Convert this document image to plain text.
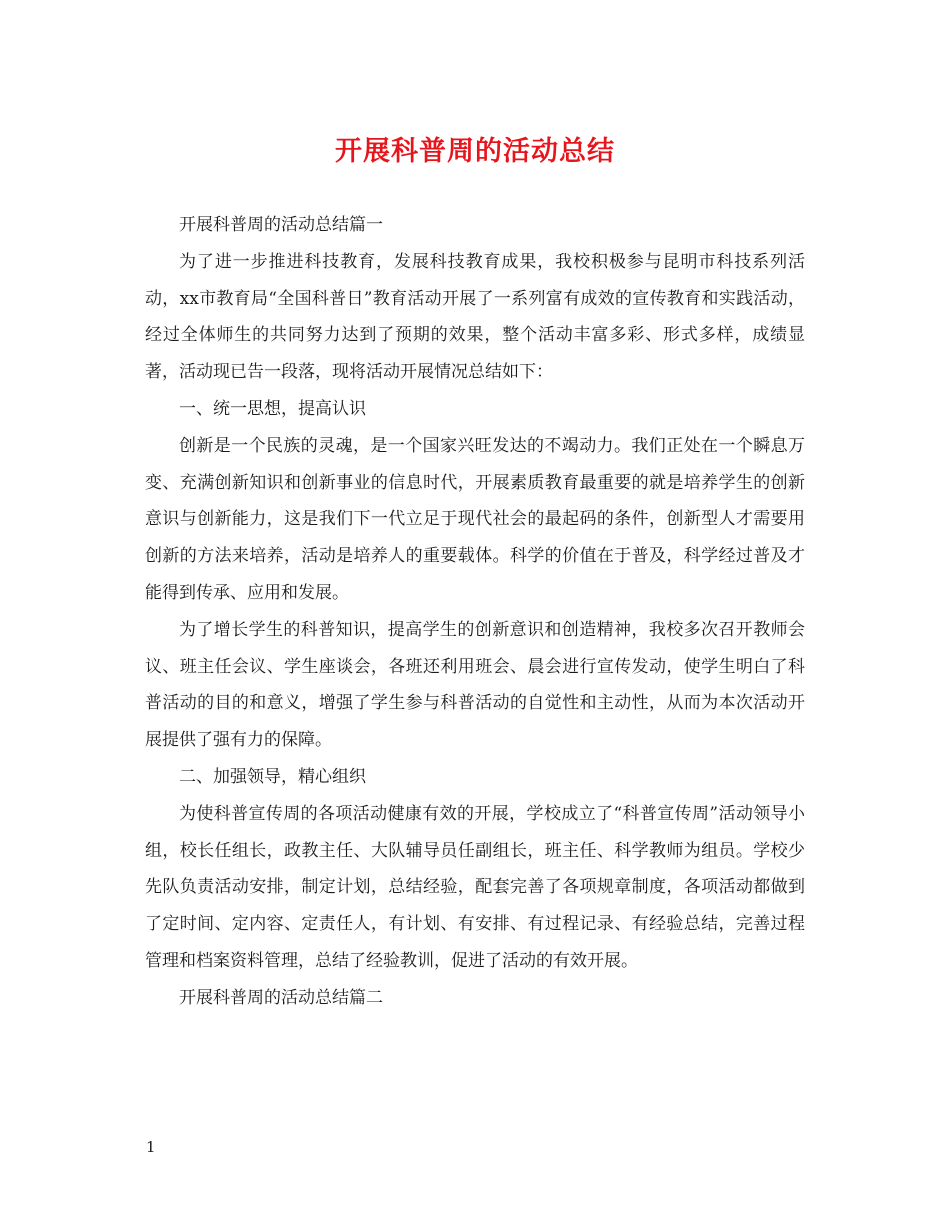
开展科普周的活动总结

开展科普周的活动总结篇一

为了进一步推进科技教育，发展科技教育成果，我校积极参与昆明市科技系列活动，xx市教育局“全国科普日”教育活动开展了一系列富有成效的宣传教育和实践活动，经过全体师生的共同努力达到了预期的效果，整个活动丰富多彩、形式多样，成绩显著，活动现已告一段落，现将活动开展情况总结如下：

一、统一思想，提高认识

创新是一个民族的灵魂，是一个国家兴旺发达的不竭动力。我们正处在一个瞬息万变、充满创新知识和创新事业的信息时代，开展素质教育最重要的就是培养学生的创新意识与创新能力，这是我们下一代立足于现代社会的最起码的条件，创新型人才需要用创新的方法来培养，活动是培养人的重要载体。科学的价值在于普及，科学经过普及才能得到传承、应用和发展。

为了增长学生的科普知识，提高学生的创新意识和创造精神，我校多次召开教师会议、班主任会议、学生座谈会，各班还利用班会、晨会进行宣传发动，使学生明白了科普活动的目的和意义，增强了学生参与科普活动的自觉性和主动性，从而为本次活动开展提供了强有力的保障。

二、加强领导，精心组织

为使科普宣传周的各项活动健康有效的开展，学校成立了“科普宣传周”活动领导小组，校长任组长，政教主任、大队辅导员任副组长，班主任、科学教师为组员。学校少先队负责活动安排，制定计划，总结经验，配套完善了各项规章制度，各项活动都做到了定时间、定内容、定责任人，有计划、有安排、有过程记录、有经验总结，完善过程管理和档案资料管理，总结了经验教训，促进了活动的有效开展。

开展科普周的活动总结篇二

1
